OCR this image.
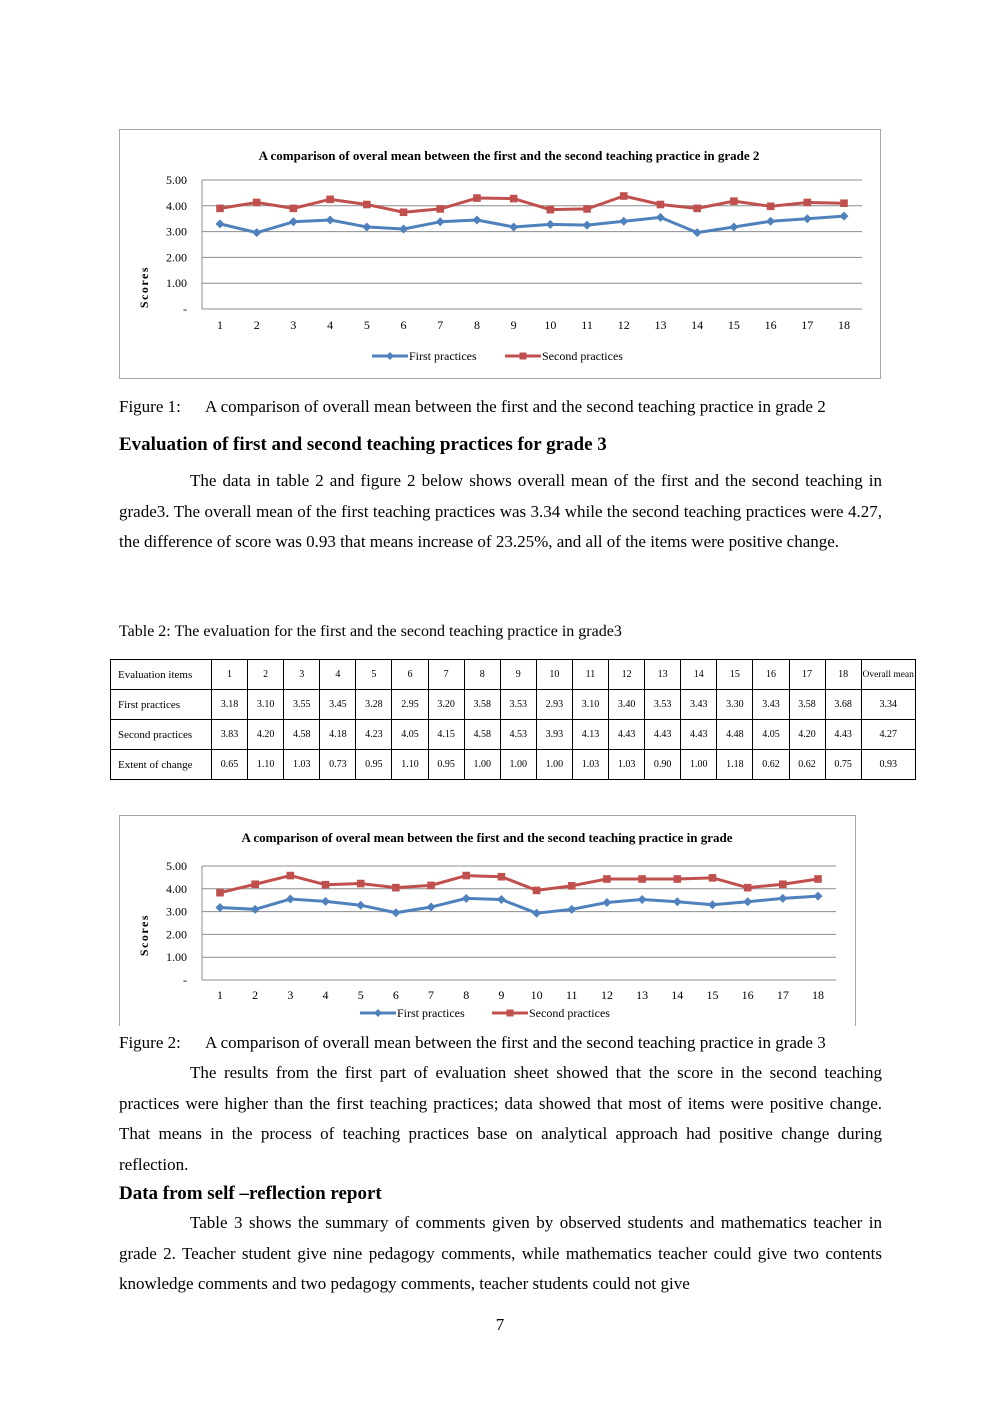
A comparison of overal mean between the first and the second teaching practice in grade 2
-
1.00
2.00
3.00
4.00
5.00
Scores
1	2	3	4	5	6	7	8	9 10 11 12 13 14 15 16 17 18
First practices	Second practices
Figure 1: A comparison of overall mean between the first and the second teaching practice in grade 2
Evaluation of first and second teaching practices for grade 3

The data in table 2 and figure 2 below shows overall mean of the first and the second teaching in grade3. The overall mean of the first teaching practices was 3.34 while the second teaching practices were 4.27, the difference of score was 0.93 that means increase of 23.25%, and all of the items were positive change.

Table 2: The evaluation for the first and the second teaching practice in grade3
Evaluation items	1	2	3	4	5	6	7	8	9	10	11	12	13	14	15	16	17	18	Overall mean
First practices	3.18	3.10	3.55	3.45	3.28	2.95	3.20	3.58	3.53	2.93	3.10	3.40	3.53	3.43	3.30	3.43	3.58	3.68	3.34
Second practices	3.83	4.20	4.58	4.18	4.23	4.05	4.15	4.58	4.53	3.93	4.13	4.43	4.43	4.43	4.48	4.05	4.20	4.43	4.27
Extent of change	0.65	1.10	1.03	0.73	0.95	1.10	0.95	1.00	1.00	1.00	1.03	1.03	0.90	1.00	1.18	0.62	0.62	0.75	0.93
A comparison of overal mean between the first and the second teaching practice in grade
-
1.00
2.00
3.00
4.00
5.00
Scores
1 2 3 4 5 6 7 8 9 10 11 12 13 14 15 16 17 18
First practices	Second practices
Figure 2: A comparison of overall mean between the first and the second teaching practice in grade 3

The results from the first part of evaluation sheet showed that the score in the second teaching practices were higher than the first teaching practices; data showed that most of items were positive change. That means in the process of teaching practices base on analytical approach had positive change during reflection.

Data from self –reflection report

Table 3 shows the summary of comments given by observed students and mathematics teacher in grade 2. Teacher student give nine pedagogy comments, while mathematics teacher could give two contents knowledge comments and two pedagogy comments, teacher students could not give

7
